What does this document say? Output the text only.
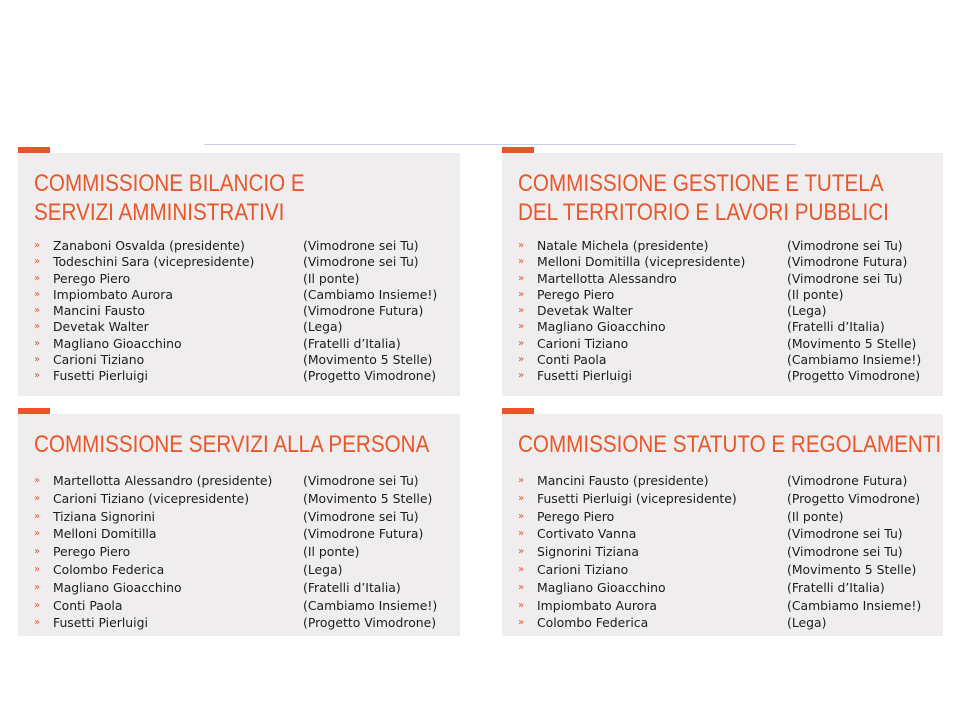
COMMISSIONE BILANCIO E
SERVIZI AMMINISTRATIVI
» Zanaboni Osvalda (presidente)	(Vimodrone sei Tu)
» Todeschini Sara (vicepresidente)	(Vimodrone sei Tu)
» Perego Piero	(Il ponte)
» Impiombato Aurora	(Cambiamo Insieme!)
» Mancini Fausto	(Vimodrone Futura)
» Devetak Walter	(Lega)
» Magliano Gioacchino	(Fratelli d’Italia)
» Carioni Tiziano	(Movimento 5 Stelle)
» Fusetti Pierluigi	(Progetto Vimodrone)
COMMISSIONE GESTIONE E TUTELA
DEL TERRITORIO E LAVORI PUBBLICI
» Natale Michela (presidente)	(Vimodrone sei Tu)
» Melloni Domitilla (vicepresidente)	(Vimodrone Futura)
» Martellotta Alessandro	(Vimodrone sei Tu)
» Perego Piero	(Il ponte)
» Devetak Walter	(Lega)
» Magliano Gioacchino	(Fratelli d’Italia)
» Carioni Tiziano	(Movimento 5 Stelle)
» Conti Paola	(Cambiamo Insieme!)
» Fusetti Pierluigi	(Progetto Vimodrone)
COMMISSIONE SERVIZI ALLA PERSONA
» Martellotta Alessandro (presidente) (Vimodrone sei Tu)
» Carioni Tiziano (vicepresidente)	(Movimento 5 Stelle)
» Tiziana Signorini	(Vimodrone sei Tu)
» Melloni Domitilla	(Vimodrone Futura)
» Perego Piero	(Il ponte)
» Colombo Federica	(Lega)
» Magliano Gioacchino	(Fratelli d’Italia)
» Conti Paola	(Cambiamo Insieme!)
» Fusetti Pierluigi	(Progetto Vimodrone)
COMMISSIONE STATUTO E REGOLAMENTI
» Mancini Fausto (presidente)	(Vimodrone Futura)
» Fusetti Pierluigi (vicepresidente)	(Progetto Vimodrone)
» Perego Piero	(Il ponte)
» Cortivato Vanna	(Vimodrone sei Tu)
» Signorini Tiziana	(Vimodrone sei Tu)
» Carioni Tiziano	(Movimento 5 Stelle)
» Magliano Gioacchino	(Fratelli d’Italia)
» Impiombato Aurora	(Cambiamo Insieme!)
» Colombo Federica	(Lega)
